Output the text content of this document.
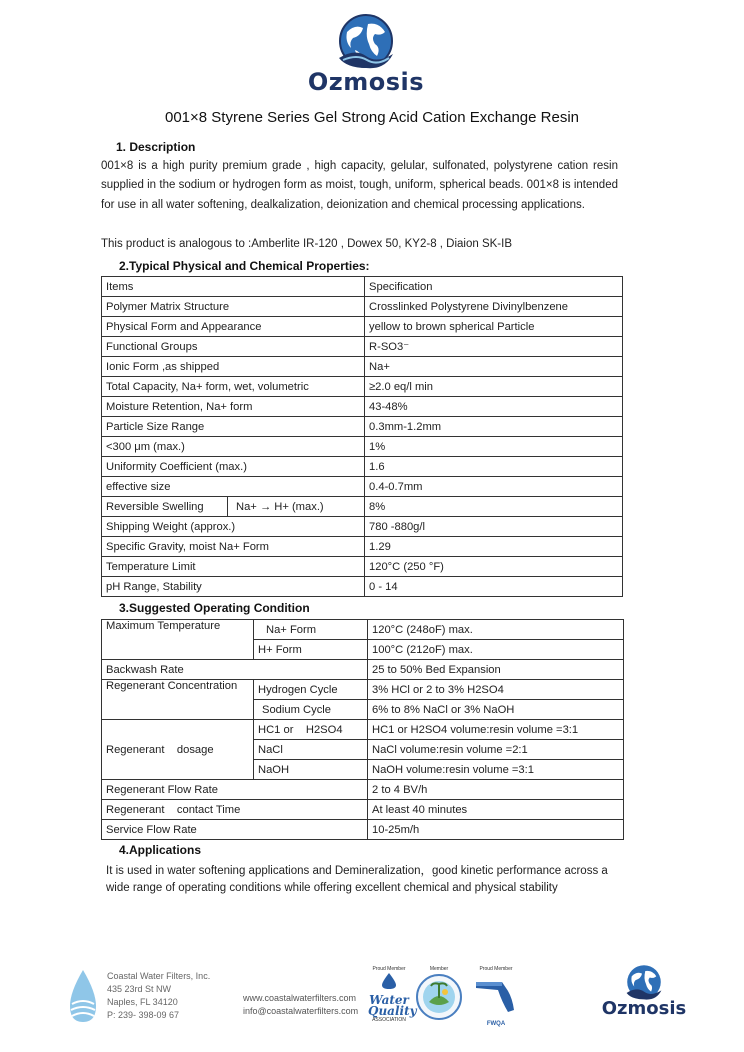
Ozmosis
001×8 Styrene Series Gel Strong Acid Cation Exchange Resin
1. Description
001×8 is a high purity premium grade , high capacity, gelular, sulfonated, polystyrene cation resin supplied in the sodium or hydrogen form as moist, tough, uniform, spherical beads. 001×8 is intended for use in all water softening, dealkalization, deionization and chemical processing applications.
This product is analogous to :Amberlite IR-120 , Dowex 50, KY2-8 , Diaion SK-IB
2.Typical Physical and Chemical Properties:
Items		Specification
Polymer Matrix Structure		Crosslinked Polystyrene Divinylbenzene
Physical Form and Appearance		yellow to brown spherical Particle
Functional Groups		R-SO3⁻
Ionic Form ,as shipped		Na+
Total Capacity, Na+ form, wet, volumetric		≥2.0 eq/l min
Moisture Retention, Na+ form		43-48%
Particle Size Range		0.3mm-1.2mm
<300 μm (max.)		1%
Uniformity Coefficient (max.)		1.6
effective size		0.4-0.7mm
Reversible Swelling	Na+ → H+ (max.)	8%
Shipping Weight (approx.)		780 -880g/l
Specific Gravity, moist Na+ Form		1.29
Temperature Limit		120°C (250 °F)
pH Range, Stability		0 - 14
3.Suggested Operating Condition
Maximum Temperature	Na+ Form	120°C (248oF) max.
	H+ Form	100°C (212oF) max.
Backwash Rate		25 to 50% Bed Expansion
Regenerant Concentration	Hydrogen Cycle	3% HCl or 2 to 3% H2SO4
	Sodium Cycle	6% to 8% NaCl or 3% NaOH
Regenerant    dosage	HC1 or    H2SO4	HC1 or H2SO4 volume:resin volume =3:1
	NaCl	NaCl volume:resin volume =2:1
	NaOH	NaOH volume:resin volume =3:1
Regenerant Flow Rate		2 to 4 BV/h
Regenerant    contact Time		At least 40 minutes
Service Flow Rate		10-25m/h
4.Applications
It is used in water softening applications and Demineralization，good kinetic performance across a
wide range of operating conditions while offering excellent chemical and physical stability
Coastal Water Filters, Inc.
435 23rd St NW
Naples, FL 34120
P: 239- 398-09 67
www.coastalwaterfilters.com
info@coastalwaterfilters.com
Proud Member
Water Quality
ASSOCIATION
Member	Proud Member
FWQA
Ozmosis
